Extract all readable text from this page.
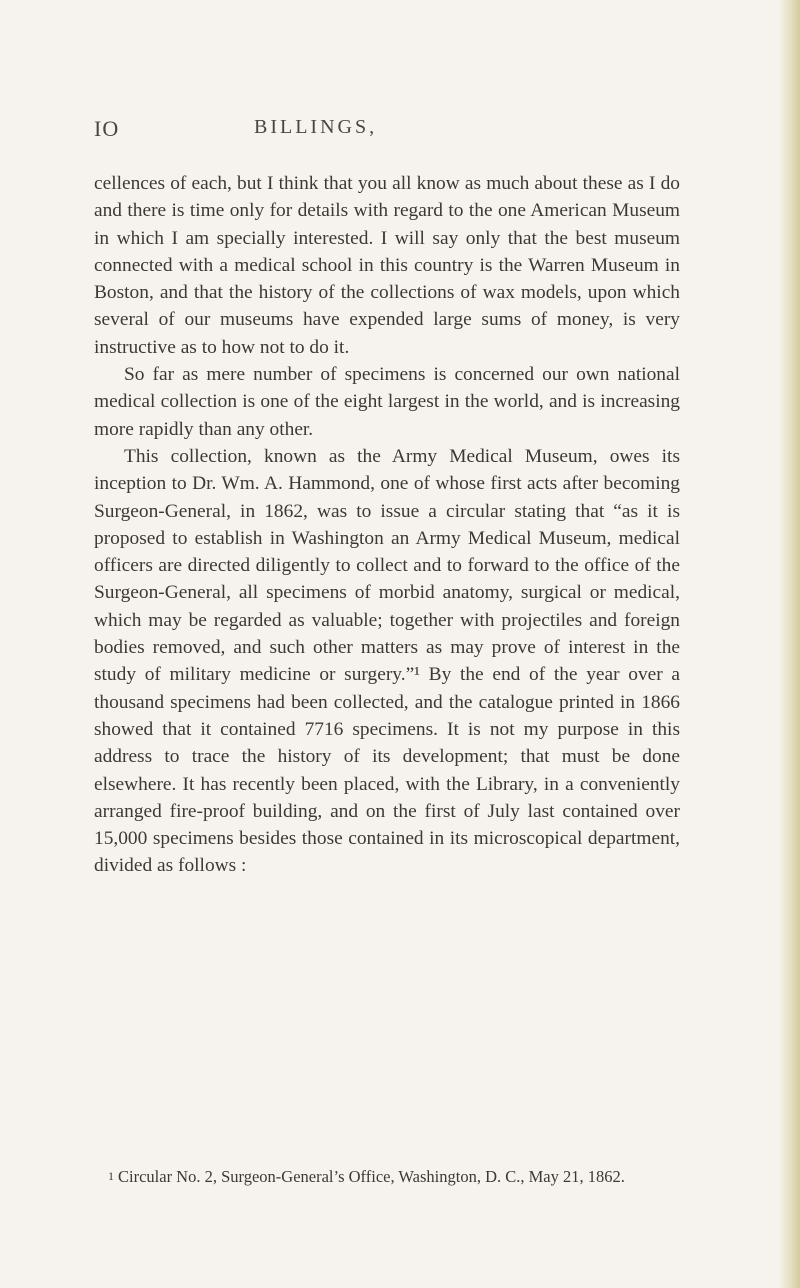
IO	BILLINGS,

cellences of each, but I think that you all know as much about these as I do and there is time only for details with regard to the one American Museum in which I am specially interested. I will say only that the best museum connected with a medical school in this country is the Warren Museum in Boston, and that the history of the collections of wax models, upon which several of our museums have expended large sums of money, is very instructive as to how not to do it.

So far as mere number of specimens is concerned our own national medical collection is one of the eight largest in the world, and is increasing more rapidly than any other.

This collection, known as the Army Medical Museum, owes its inception to Dr. Wm. A. Hammond, one of whose first acts after becoming Surgeon-General, in 1862, was to issue a circular stating that “as it is proposed to establish in Washington an Army Medical Museum, medical officers are directed diligently to collect and to forward to the office of the Surgeon-General, all specimens of morbid anatomy, surgical or medical, which may be regarded as valuable; together with projectiles and foreign bodies removed, and such other matters as may prove of interest in the study of military medicine or surgery.”¹ By the end of the year over a thousand specimens had been collected, and the catalogue printed in 1866 showed that it contained 7716 specimens. It is not my purpose in this address to trace the history of its development; that must be done elsewhere. It has recently been placed, with the Library, in a conveniently arranged fire-proof building, and on the first of July last contained over 15,000 specimens besides those contained in its microscopical department, divided as follows :

1 Circular No. 2, Surgeon-General’s Office, Washington, D. C., May 21, 1862.
